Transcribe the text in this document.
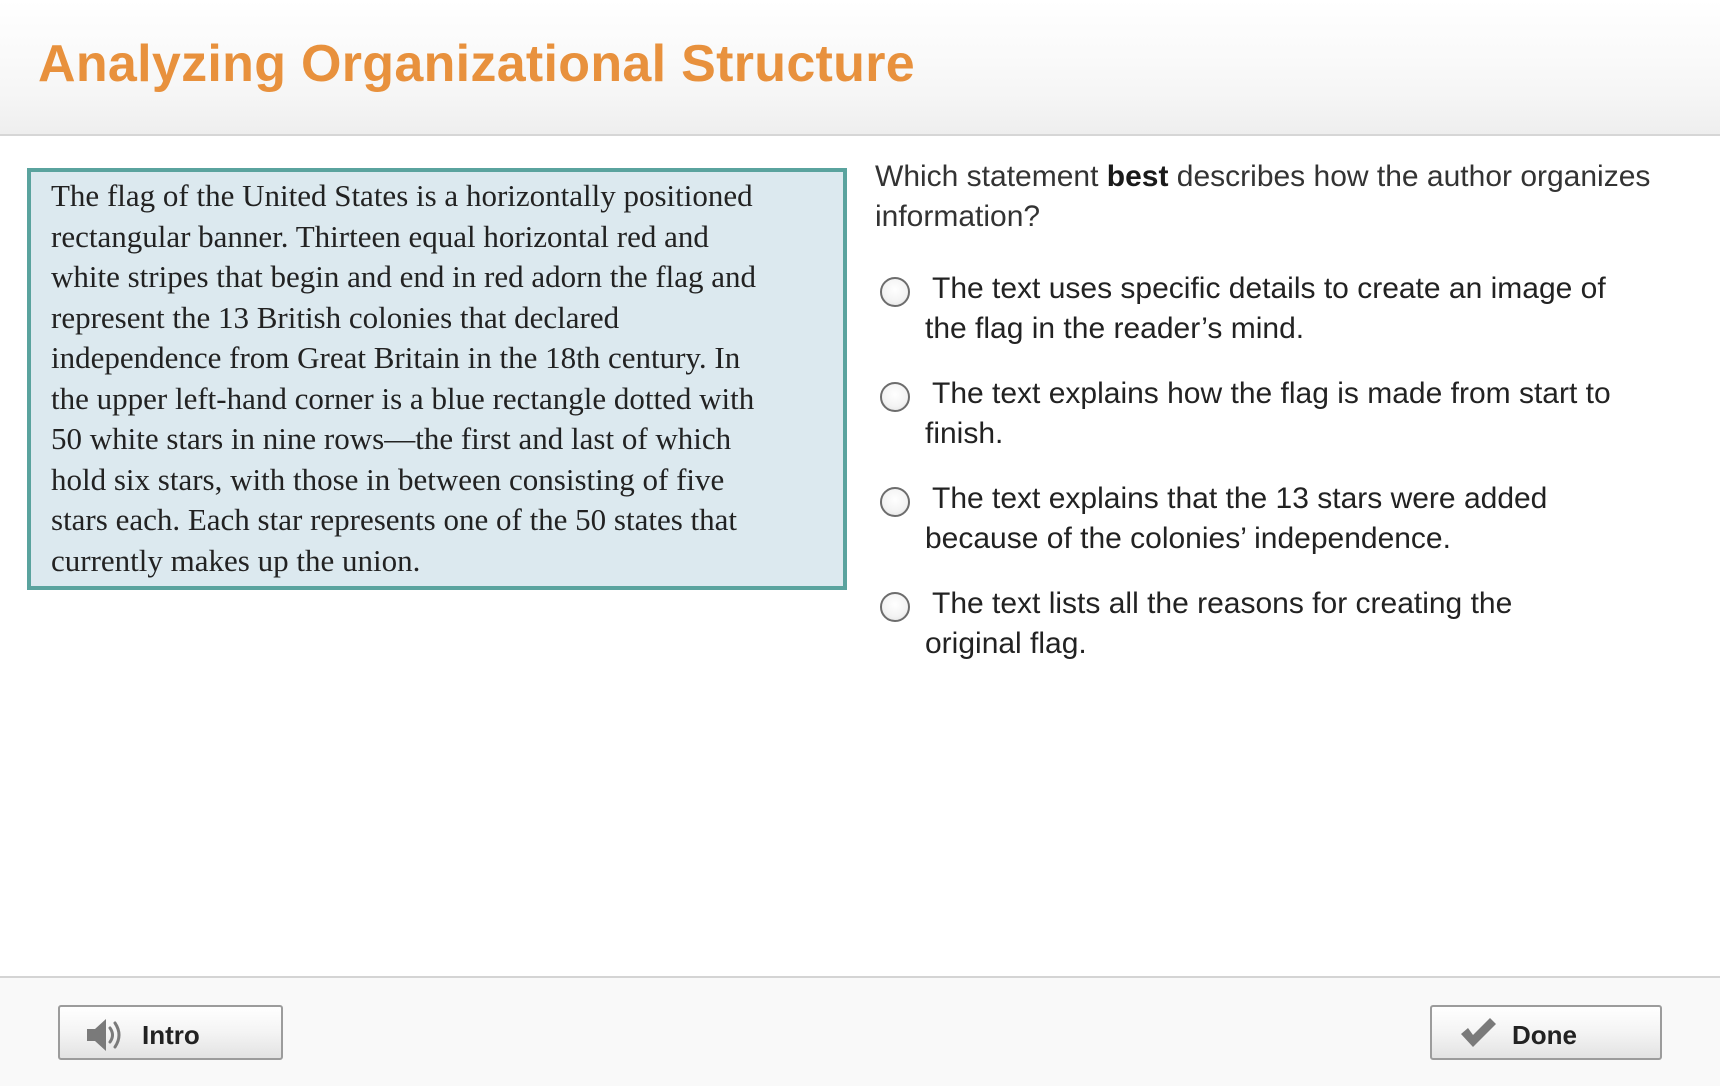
Analyzing Organizational Structure
The flag of the United States is a horizontally positioned
rectangular banner. Thirteen equal horizontal red and
white stripes that begin and end in red adorn the flag and
represent the 13 British colonies that declared
independence from Great Britain in the 18th century. In
the upper left-hand corner is a blue rectangle dotted with
50 white stars in nine rows—the first and last of which
hold six stars, with those in between consisting of five
stars each. Each star represents one of the 50 states that
currently makes up the union.
Which statement best describes how the author organizes information?
The text uses specific details to create an image of
the flag in the reader’s mind.
The text explains how the flag is made from start to
finish.
The text explains that the 13 stars were added
because of the colonies’ independence.
The text lists all the reasons for creating the
original flag.
Intro	Done
